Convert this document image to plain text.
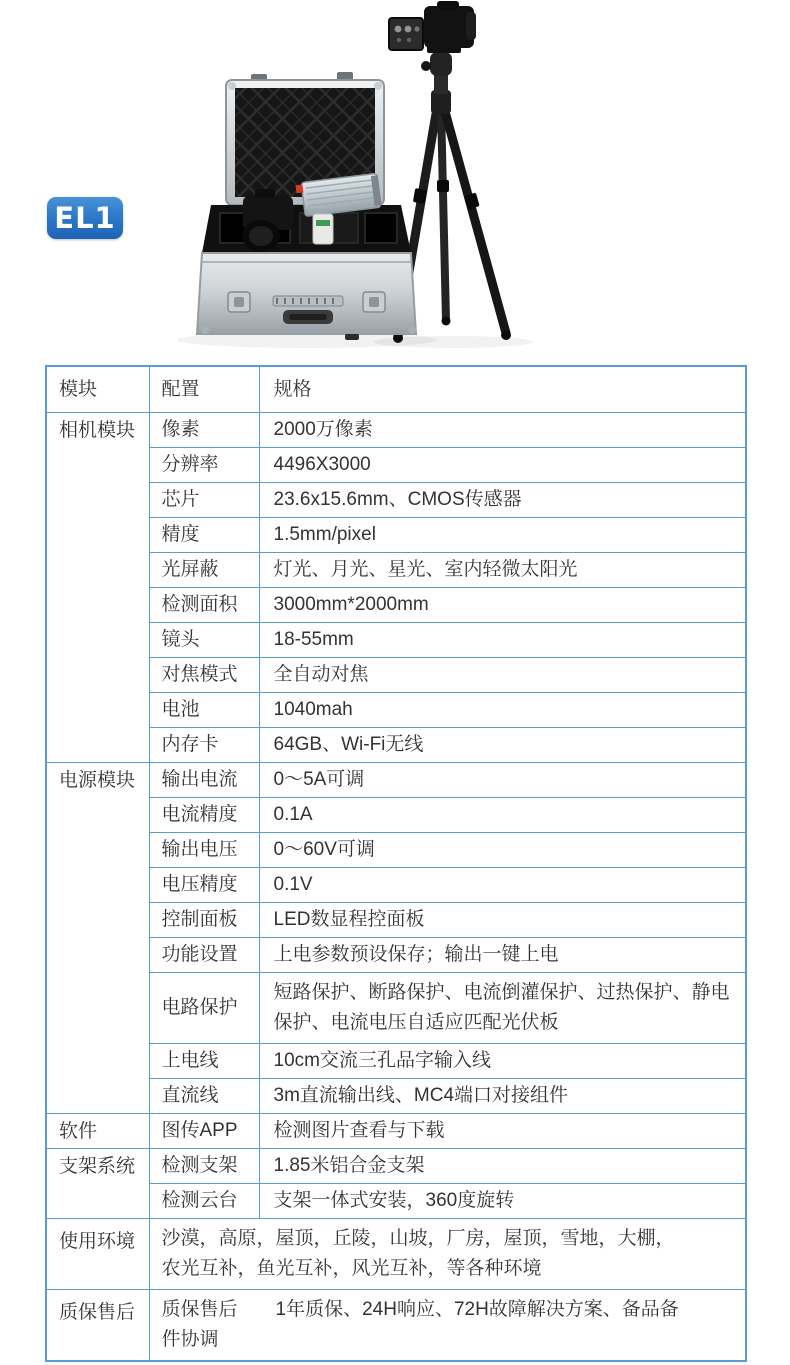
EL1
模块	配置	规格
相机模块	像素	2000万像素
	分辨率	4496X3000
	芯片	23.6x15.6mm、CMOS传感器
	精度	1.5mm/pixel
	光屏蔽	灯光、月光、星光、室内轻微太阳光
	检测面积	3000mm*2000mm
	镜头	18-55mm
	对焦模式	全自动对焦
	电池	1040mah
	内存卡	64GB、Wi-Fi无线
电源模块	输出电流	0～5A可调
	电流精度	0.1A
	输出电压	0～60V可调
	电压精度	0.1V
	控制面板	LED数显程控面板
	功能设置	上电参数预设保存；输出一键上电
	电路保护	短路保护、断路保护、电流倒灌保护、过热保护、静电保护、电流电压自适应匹配光伏板
	上电线	10cm交流三孔品字输入线
	直流线	3m直流输出线、MC4端口对接组件
软件	图传APP	检测图片查看与下载
支架系统	检测支架	1.85米铝合金支架
	检测云台	支架一体式安装，360度旋转
使用环境	沙漠，高原，屋顶，丘陵，山坡，厂房，屋顶，雪地，大棚，农光互补，鱼光互补，风光互补，等各种环境	
质保售后	质保售后 1年质保、24H响应、72H故障解决方案、备品备件协调	
